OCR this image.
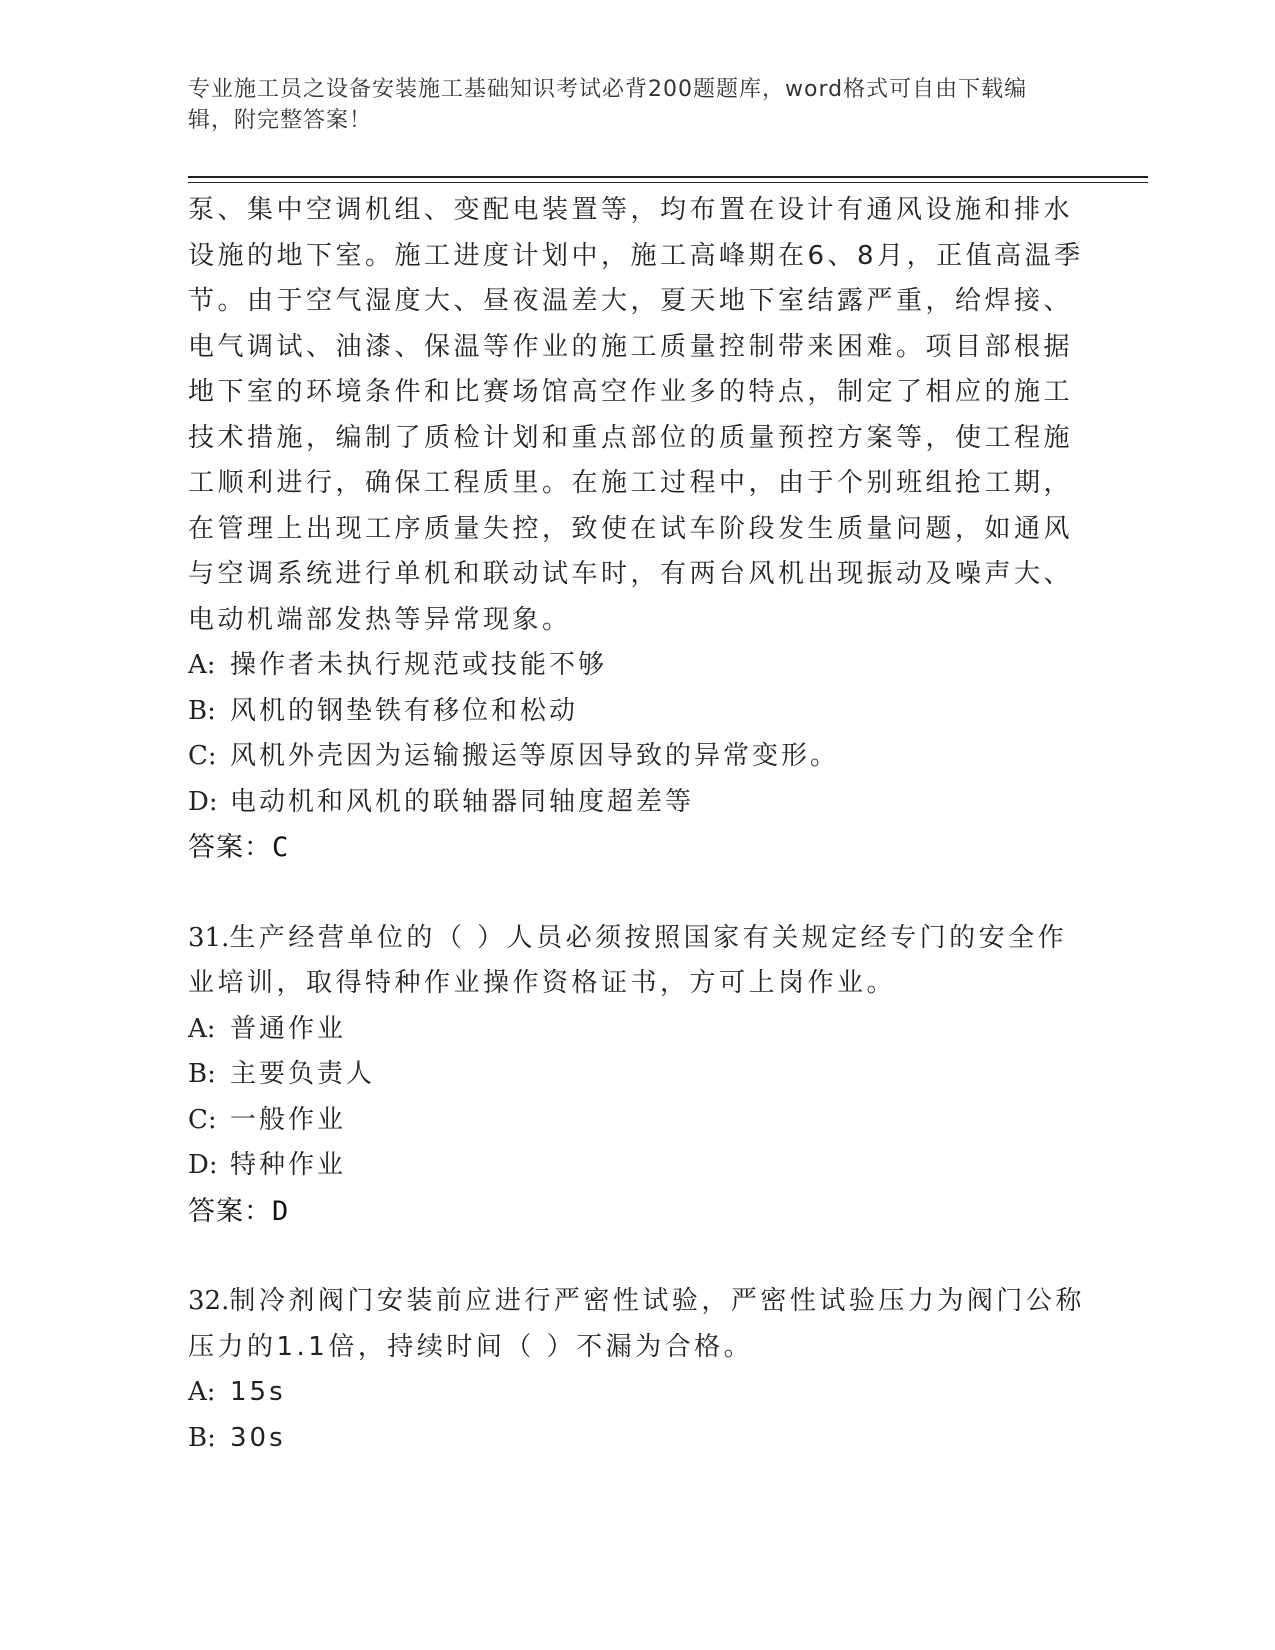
专业施工员之设备安装施工基础知识考试必背200题题库，word格式可自由下载编辑，附完整答案！

泵、集中空调机组、变配电装置等，均布置在设计有通风设施和排水设施的地下室。施工进度计划中，施工高峰期在6、8月，正值高温季节。由于空气湿度大、昼夜温差大，夏天地下室结露严重，给焊接、电气调试、油漆、保温等作业的施工质量控制带来困难。项目部根据地下室的环境条件和比赛场馆高空作业多的特点，制定了相应的施工技术措施，编制了质检计划和重点部位的质量预控方案等，使工程施工顺利进行，确保工程质里。在施工过程中，由于个别班组抢工期，在管理上出现工序质量失控，致使在试车阶段发生质量问题，如通风与空调系统进行单机和联动试车时，有两台风机出现振动及噪声大、电动机端部发热等异常现象。

A: 操作者未执行规范或技能不够

B: 风机的钢垫铁有移位和松动

C: 风机外壳因为运输搬运等原因导致的异常变形。

D: 电动机和风机的联轴器同轴度超差等

答案：C

31.生产经营单位的（ ）人员必须按照国家有关规定经专门的安全作业培训，取得特种作业操作资格证书，方可上岗作业。

A: 普通作业

B: 主要负责人

C: 一般作业

D: 特种作业

答案：D

32.制冷剂阀门安装前应进行严密性试验，严密性试验压力为阀门公称压力的1.1倍，持续时间（ ）不漏为合格。

A: 15s

B: 30s
